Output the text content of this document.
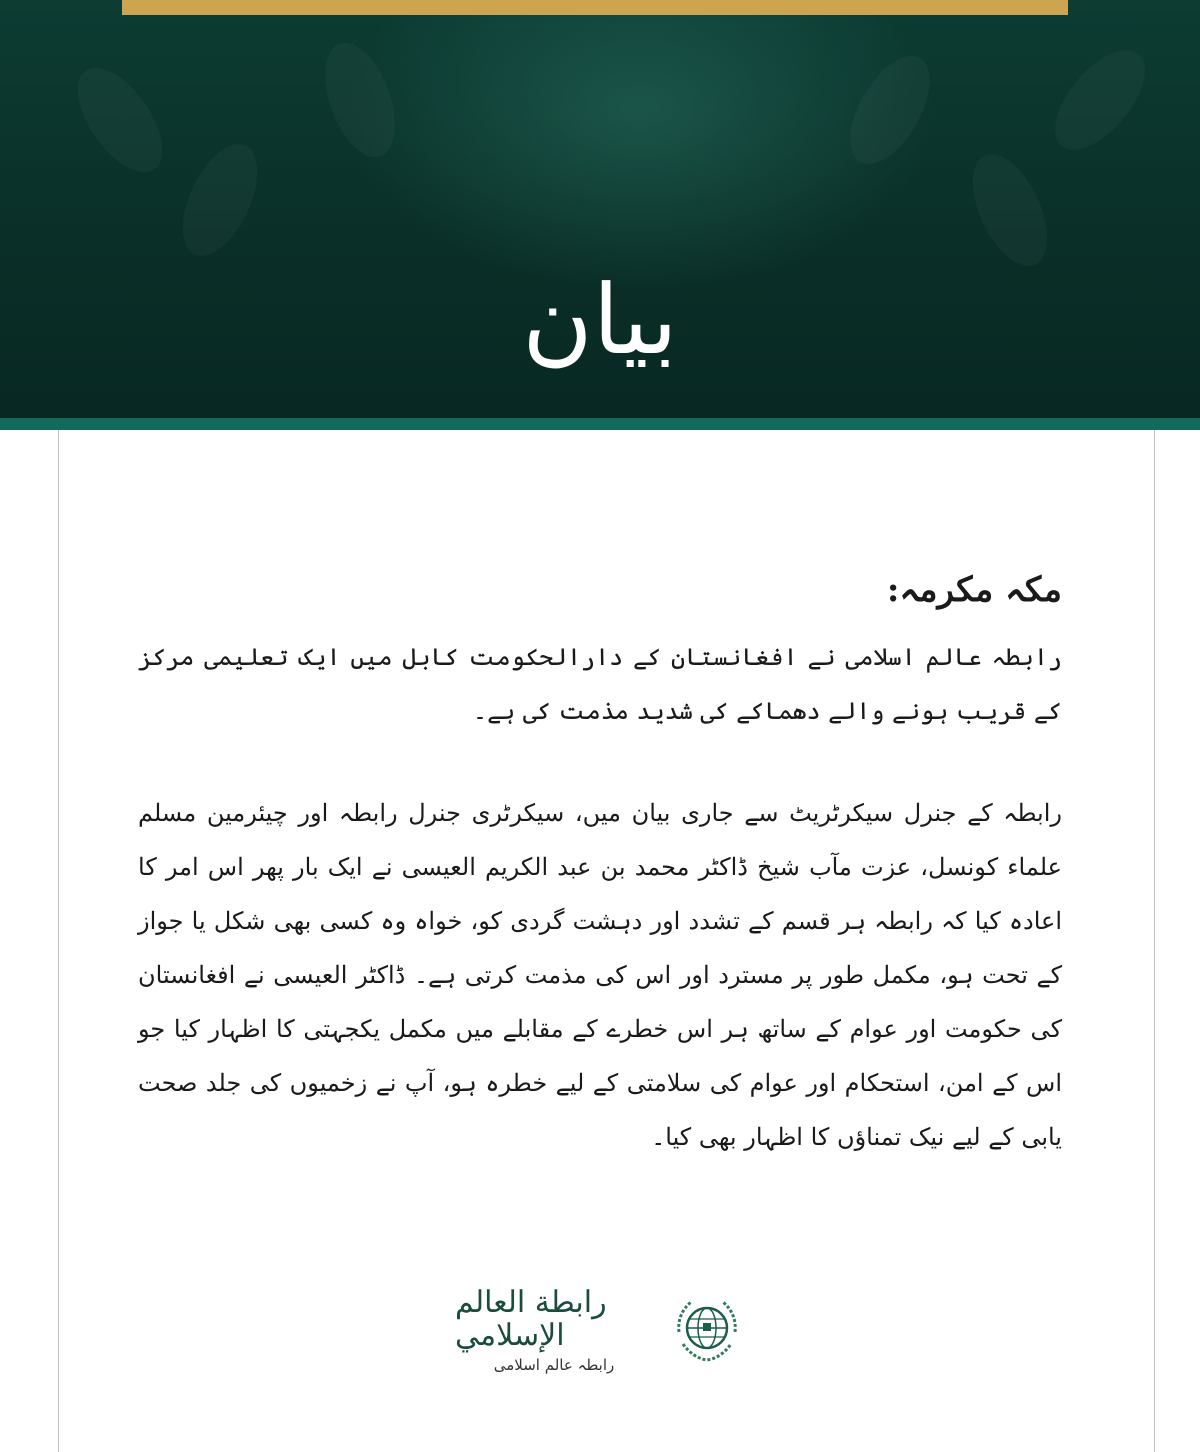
بیان
مکہ مکرمہ:

رابطہ عالم اسلامی نے افغانستان کے دارالحکومت کابل میں ایک تعلیمی مرکز کے قریب ہونے والے دھماکے کی شدید مذمت کی ہے۔

رابطہ کے جنرل سیکرٹریٹ سے جاری بیان میں، سیکرٹری جنرل رابطہ اور چیئرمین مسلم علماء کونسل، عزت مآب شیخ ڈاکٹر محمد بن عبد الکریم العیسی نے ایک بار پھر اس امر کا اعادہ کیا کہ رابطہ ہر قسم کے تشدد اور دہشت گردی کو، خواہ وہ کسی بھی شکل یا جواز کے تحت ہو، مکمل طور پر مسترد اور اس کی مذمت کرتی ہے۔ ڈاکٹر العیسی نے افغانستان کی حکومت اور عوام کے ساتھ ہر اس خطرے کے مقابلے میں مکمل یکجہتی کا اظہار کیا جو اس کے امن، استحکام اور عوام کی سلامتی کے لیے خطرہ ہو، آپ نے زخمیوں کی جلد صحت یابی کے لیے نیک تمناؤں کا اظہار بھی کیا۔

رابطة العالم الإسلامي
رابطہ عالم اسلامی
